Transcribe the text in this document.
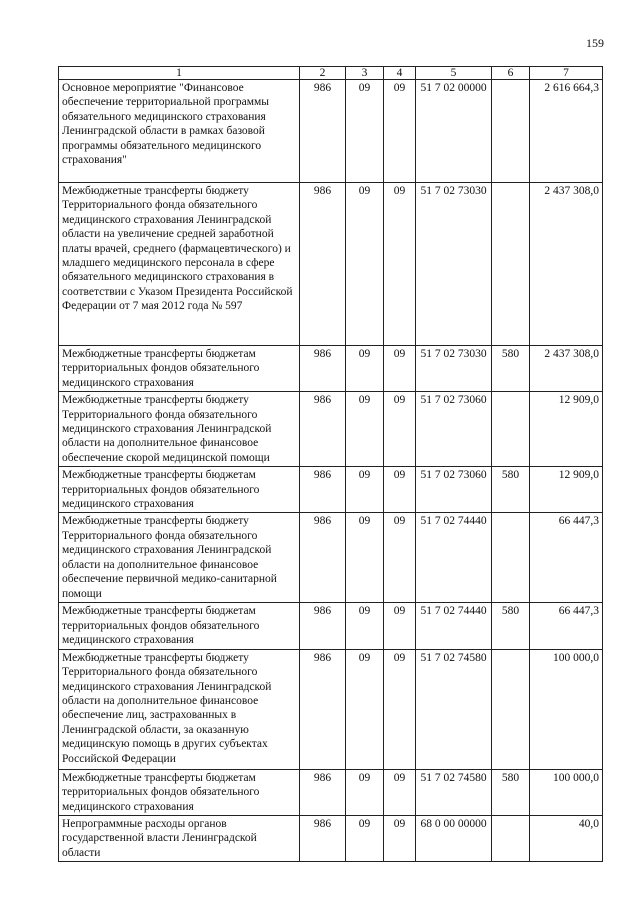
159
1	2	3	4	5	6	7
Основное мероприятие "Финансовое обеспечение территориальной программы обязательного медицинского страхования Ленинградской области в рамках базовой программы обязательного медицинского страхования"	986	09	09	51 7 02 00000		2 616 664,3
Межбюджетные трансферты бюджету Территориального фонда обязательного медицинского страхования Ленинградской области на увеличение средней заработной платы врачей, среднего (фармацевтического) и младшего медицинского персонала в сфере обязательного медицинского страхования в соответствии с Указом Президента Российской Федерации от 7 мая 2012 года № 597	986	09	09	51 7 02 73030		2 437 308,0
Межбюджетные трансферты бюджетам территориальных фондов обязательного медицинского страхования	986	09	09	51 7 02 73030	580	2 437 308,0
Межбюджетные трансферты бюджету Территориального фонда обязательного медицинского страхования Ленинградской области на дополнительное финансовое обеспечение скорой медицинской помощи	986	09	09	51 7 02 73060		12 909,0
Межбюджетные трансферты бюджетам территориальных фондов обязательного медицинского страхования	986	09	09	51 7 02 73060	580	12 909,0
Межбюджетные трансферты бюджету Территориального фонда обязательного медицинского страхования Ленинградской области на дополнительное финансовое обеспечение первичной медико-санитарной помощи	986	09	09	51 7 02 74440		66 447,3
Межбюджетные трансферты бюджетам территориальных фондов обязательного медицинского страхования	986	09	09	51 7 02 74440	580	66 447,3
Межбюджетные трансферты бюджету Территориального фонда обязательного медицинского страхования Ленинградской области на дополнительное финансовое обеспечение лиц, застрахованных в Ленинградской области, за оказанную медицинскую помощь в других субъектах Российской Федерации	986	09	09	51 7 02 74580		100 000,0
Межбюджетные трансферты бюджетам территориальных фондов обязательного медицинского страхования	986	09	09	51 7 02 74580	580	100 000,0
Непрограммные расходы органов государственной власти Ленинградской области	986	09	09	68 0 00 00000		40,0
